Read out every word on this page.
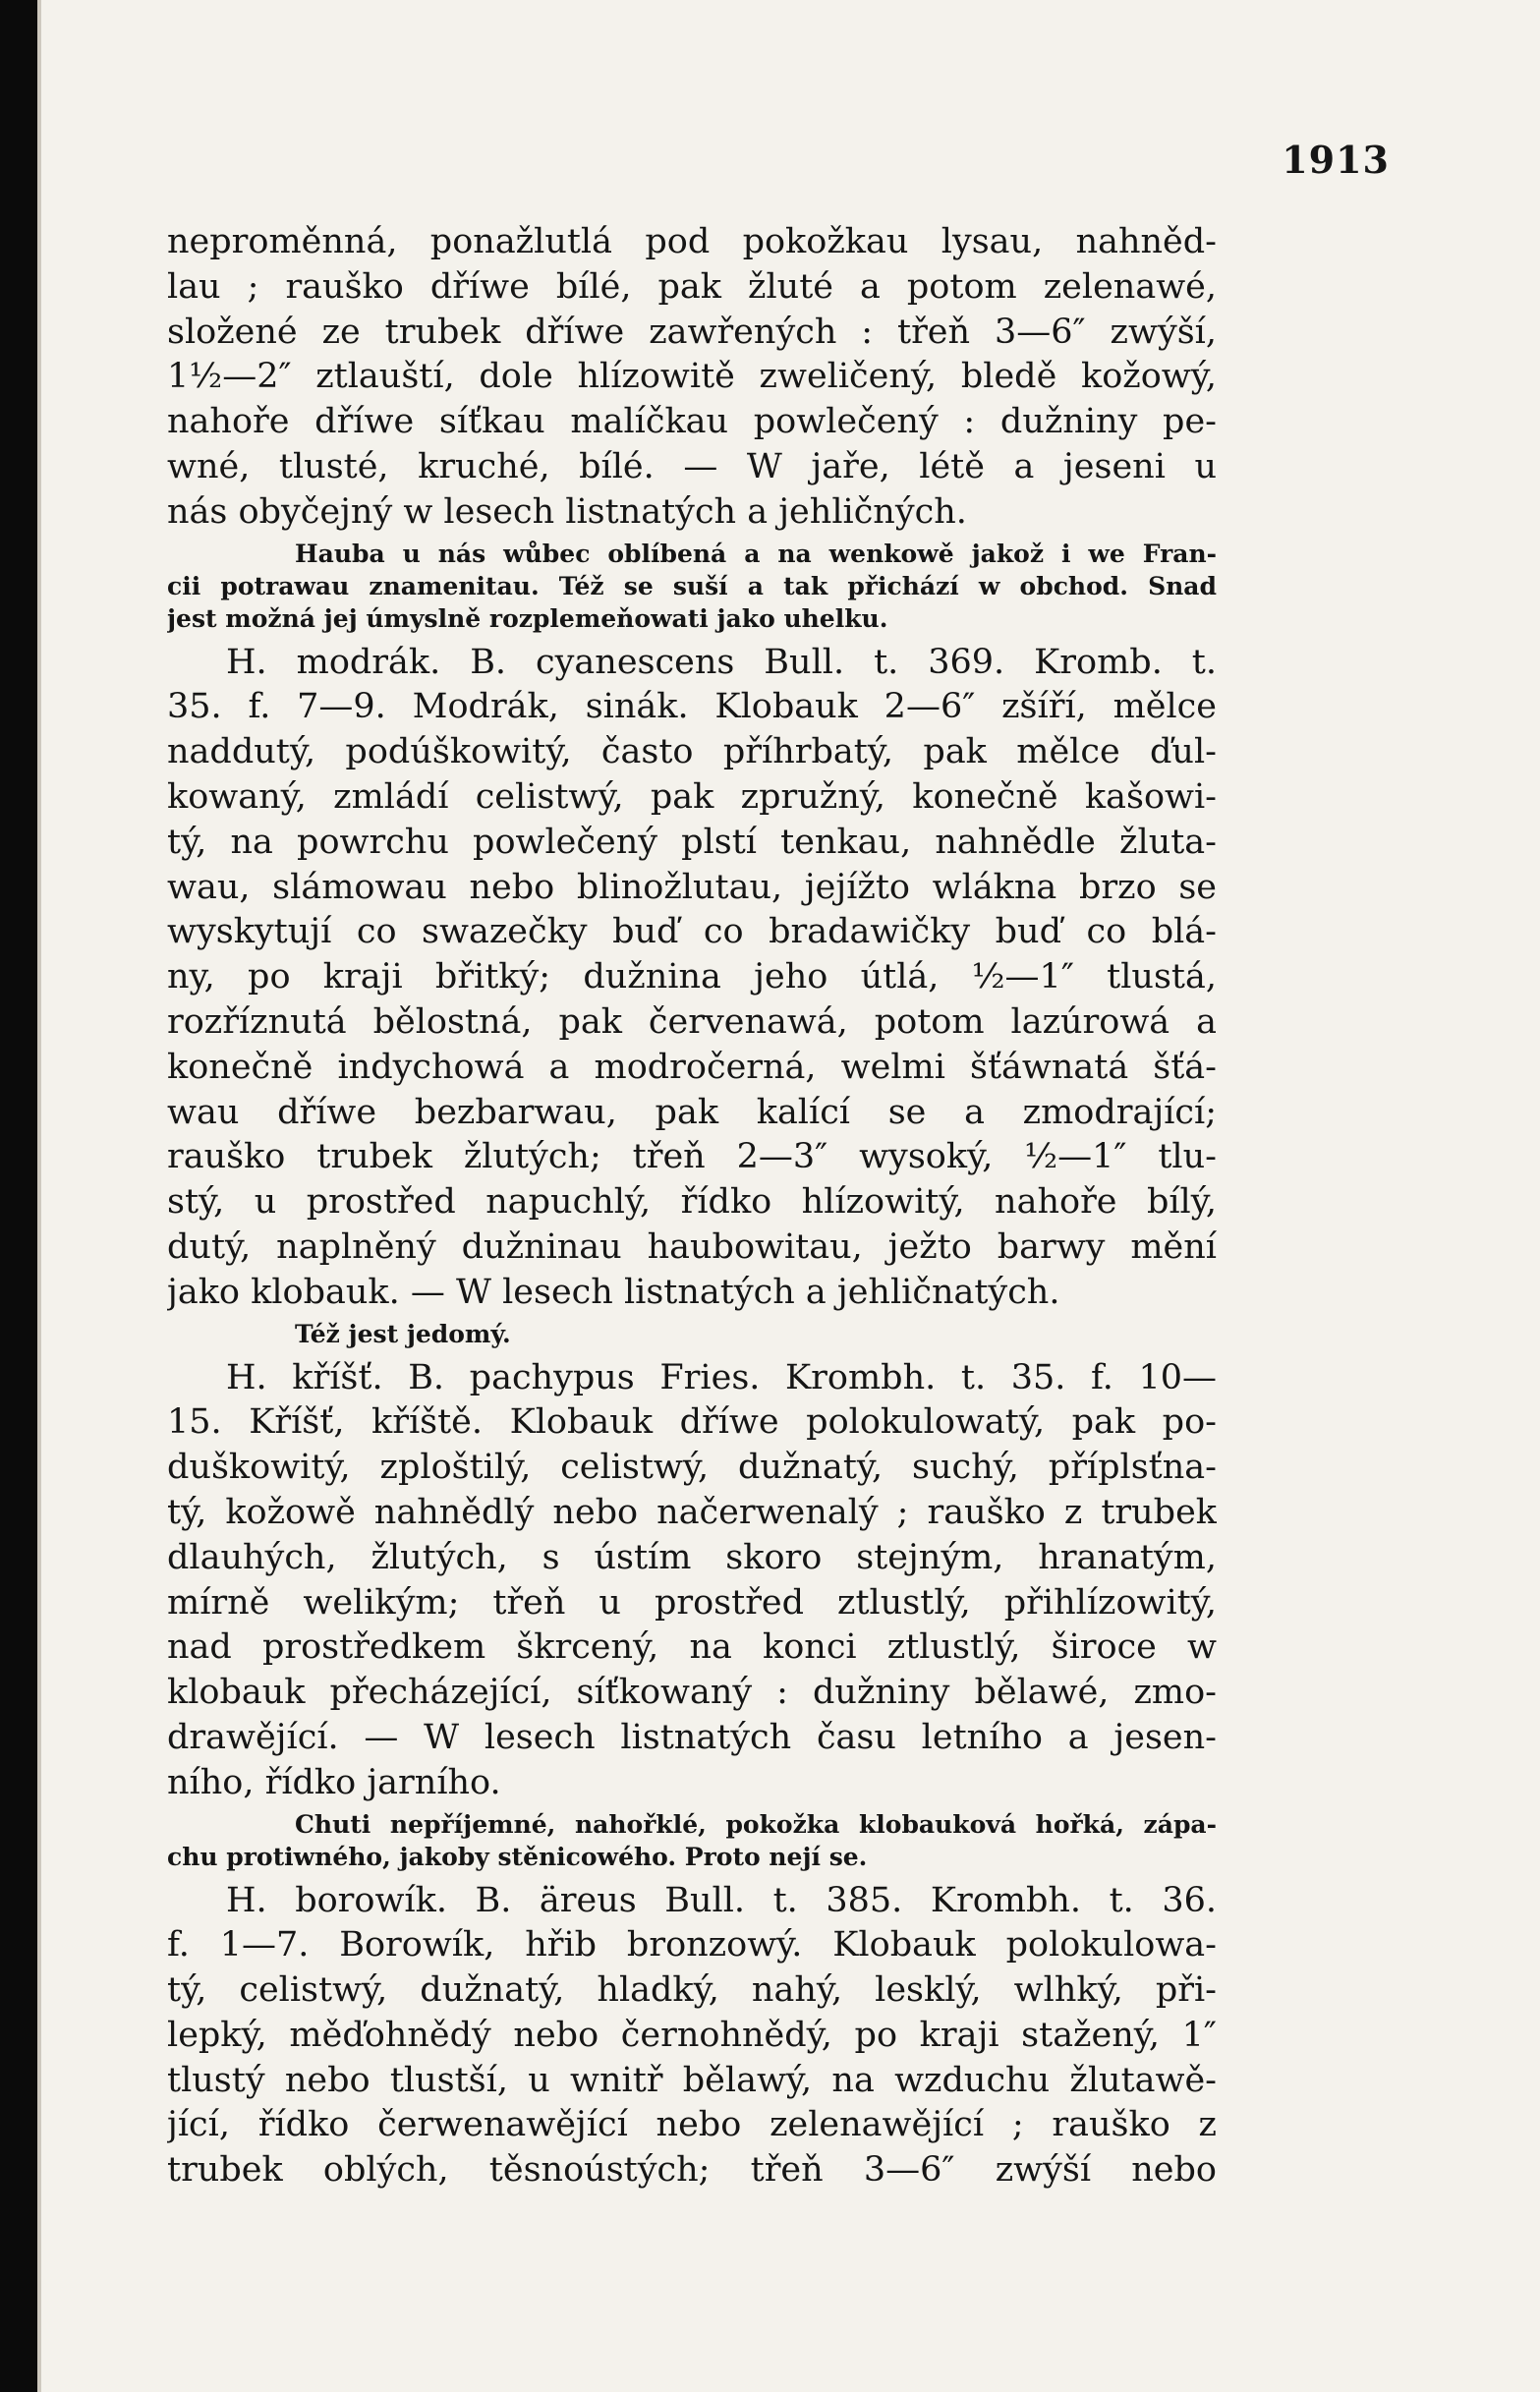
1913
neproměnná, ponažlutlá pod pokožkau lysau, nahněd-
lau ; rauško dříwe bílé, pak žluté a potom zelenawé,
složené ze trubek dříwe zawřených : třeň 3—6″ zwýší,
1½—2″ ztlauští, dole hlízowitě zweličený, bledě kožowý,
nahoře dříwe síťkau malíčkau powlečený : dužniny pe-
wné, tlusté, kruché, bílé. — W jaře, létě a jeseni u
nás obyčejný w lesech listnatých a jehličných.
Hauba u nás wůbec oblíbená a na wenkowě jakož i we Fran-
cii potrawau znamenitau. Též se suší a tak přichází w obchod. Snad
jest možná jej úmyslně rozplemeňowati jako uhelku.
H. modrák. B. cyanescens Bull. t. 369. Kromb. t.
35. f. 7—9. Modrák, sinák. Klobauk 2—6″ zšíří, mělce
naddutý, podúškowitý, často příhrbatý, pak mělce ďul-
kowaný, zmládí celistwý, pak zpružný, konečně kašowi-
tý, na powrchu powlečený plstí tenkau, nahnědle žluta-
wau, slámowau nebo blinožlutau, jejížto wlákna brzo se
wyskytují co swazečky buď co bradawičky buď co blá-
ny, po kraji břitký; dužnina jeho útlá, ½—1″ tlustá,
rozříznutá bělostná, pak červenawá, potom lazúrowá a
konečně indychowá a modročerná, welmi šťáwnatá šťá-
wau dříwe bezbarwau, pak kalící se a zmodrající;
rauško trubek žlutých; třeň 2—3″ wysoký, ½—1″ tlu-
stý, u prostřed napuchlý, řídko hlízowitý, nahoře bílý,
dutý, naplněný dužninau haubowitau, ježto barwy mění
jako klobauk. — W lesech listnatých a jehličnatých.
Též jest jedomý.
H. kříšť. B. pachypus Fries. Krombh. t. 35. f. 10—
15. Kříšť, kříště. Klobauk dříwe polokulowatý, pak po-
duškowitý, zploštilý, celistwý, dužnatý, suchý, příplsťna-
tý, kožowě nahnědlý nebo načerwenalý ; rauško z trubek
dlauhých, žlutých, s ústím skoro stejným, hranatým,
mírně welikým; třeň u prostřed ztlustlý, přihlízowitý,
nad prostředkem škrcený, na konci ztlustlý, široce w
klobauk přecházející, síťkowaný : dužniny bělawé, zmo-
drawějící. — W lesech listnatých času letního a jesen-
ního, řídko jarního.
Chuti nepříjemné, nahořklé, pokožka klobauková hořká, zápa-
chu protiwného, jakoby stěnicowého. Proto nejí se.
H. borowík. B. äreus Bull. t. 385. Krombh. t. 36.
f. 1—7. Borowík, hřib bronzowý. Klobauk polokulowa-
tý, celistwý, dužnatý, hladký, nahý, lesklý, wlhký, při-
lepký, měďohnědý nebo černohnědý, po kraji stažený, 1″
tlustý nebo tlustší, u wnitř bělawý, na wzduchu žlutawě-
jící, řídko čerwenawějící nebo zelenawějící ; rauško z
trubek oblých, těsnoústých; třeň 3—6″ zwýší nebo
